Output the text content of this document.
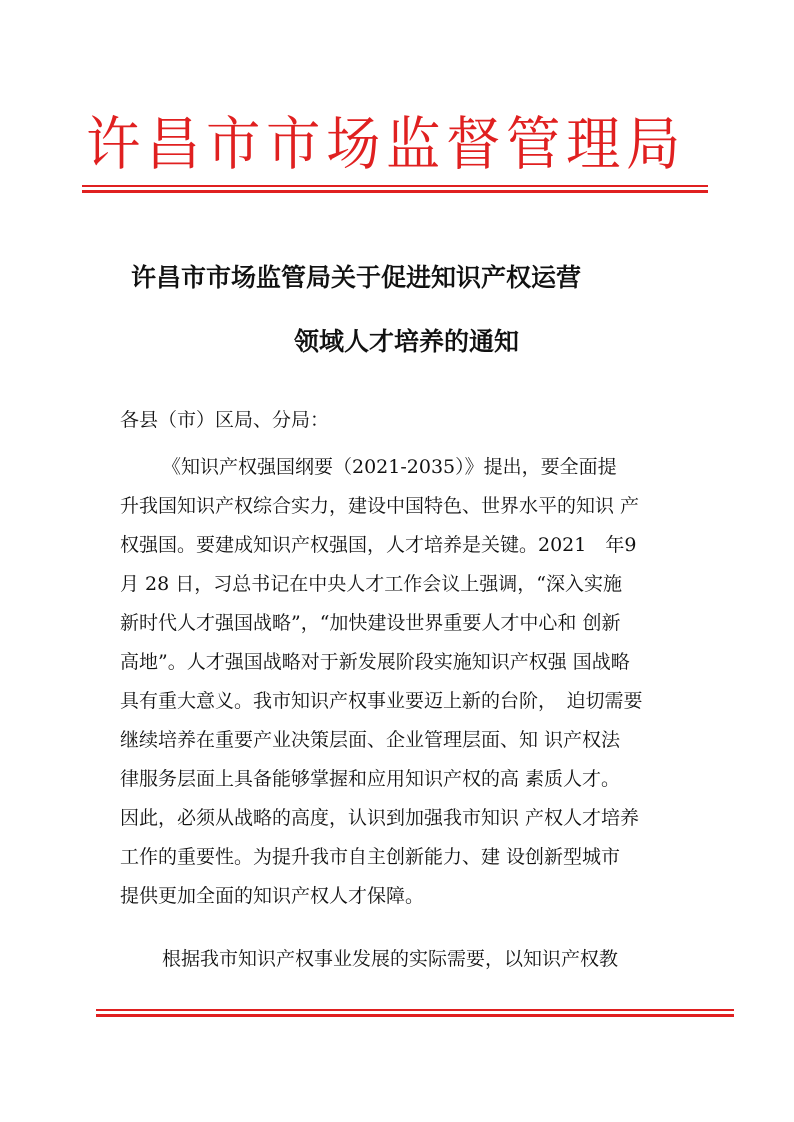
许昌市市场监督管理局
许昌市市场监管局关于促进知识产权运营
领域人才培养的通知
各县（市）区局、分局：
《知识产权强国纲要（2021-2035）》提出，要全面提
升我国知识产权综合实力，建设中国特色、世界水平的知识 产
权强国。要建成知识产权强国，人才培养是关键。2021　年9
月 28 日，习总书记在中央人才工作会议上强调，“深入实施
新时代人才强国战略”，“加快建设世界重要人才中心和 创新
高地”。人才强国战略对于新发展阶段实施知识产权强 国战略
具有重大意义。我市知识产权事业要迈上新的台阶，　迫切需要
继续培养在重要产业决策层面、企业管理层面、知 识产权法
律服务层面上具备能够掌握和应用知识产权的高 素质人才。
因此，必须从战略的高度，认识到加强我市知识 产权人才培养
工作的重要性。为提升我市自主创新能力、建 设创新型城市
提供更加全面的知识产权人才保障。
根据我市知识产权事业发展的实际需要，以知识产权教
